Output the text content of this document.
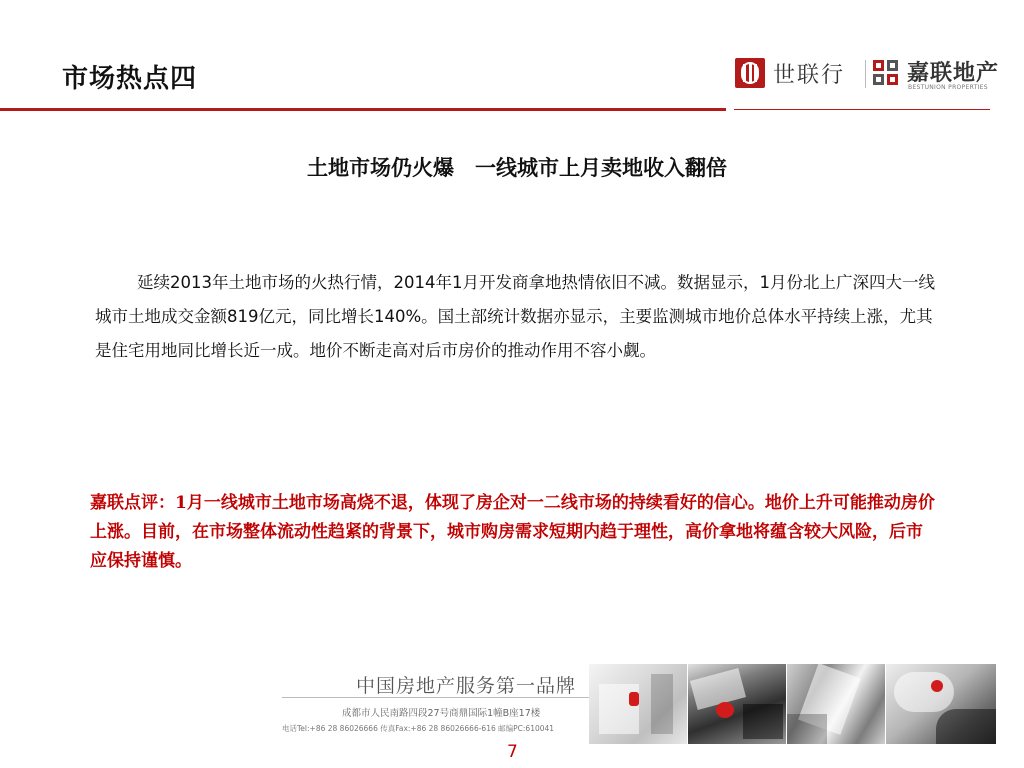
市场热点四	世联行	嘉联地产
BESTUNION PROPERTIES
土地市场仍火爆　一线城市上月卖地收入翻倍
延续2013年土地市场的火热行情，2014年1月开发商拿地热情依旧不减。数据显示，1月份北上广深四大一线城市土地成交金额819亿元，同比增长140%。国土部统计数据亦显示，主要监测城市地价总体水平持续上涨，尤其是住宅用地同比增长近一成。地价不断走高对后市房价的推动作用不容小觑。
嘉联点评：1月一线城市土地市场高烧不退，体现了房企对一二线市场的持续看好的信心。地价上升可能推动房价上涨。目前，在市场整体流动性趋紧的背景下，城市购房需求短期内趋于理性，高价拿地将蕴含较大风险，后市应保持谨慎。
中国房地产服务第一品牌
成都市人民南路四段27号商鼎国际1幢B座17楼
电话Tel:+86 28 86026666 传真Fax:+86 28 86026666-616 邮编PC:610041
7
